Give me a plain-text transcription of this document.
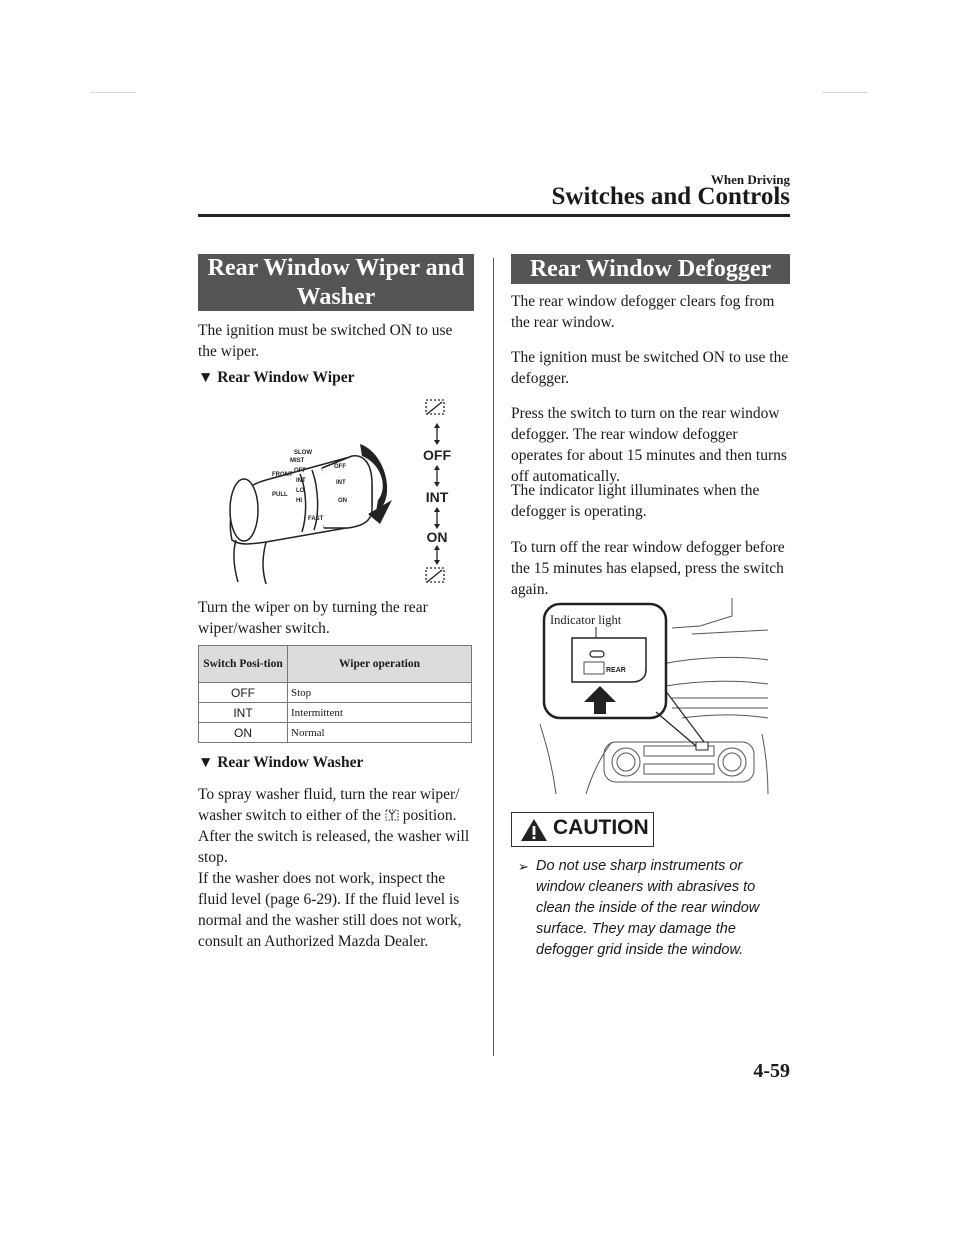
When Driving
Switches and Controls
Rear Window Wiper and
Washer
The ignition must be switched ON to use the wiper.
▼ Rear Window Wiper
FRONT
MIST
OFF
INT
LO
HI
PULL
SLOW
FAST
OFF
INT
ON
OFF
INT
ON
Turn the wiper on by turning the rear wiper/washer switch.
Switch Posi-tion	Wiper operation
OFF	Stop
INT	Intermittent
ON	Normal
▼ Rear Window Washer
To spray washer fluid, turn the rear wiper/ washer switch to either of the position.
After the switch is released, the washer will stop.
If the washer does not work, inspect the fluid level (page 6-29). If the fluid level is normal and the washer still does not work, consult an Authorized Mazda Dealer.
Rear Window Defogger
The rear window defogger clears fog from the rear window.
The ignition must be switched ON to use the defogger.
Press the switch to turn on the rear window defogger. The rear window defogger operates for about 15 minutes and then turns off automatically.
The indicator light illuminates when the defogger is operating.
To turn off the rear window defogger before the 15 minutes has elapsed, press the switch again.
Indicator light
REAR
CAUTION
➢ Do not use sharp instruments or window cleaners with abrasives to clean the inside of the rear window surface. They may damage the defogger grid inside the window.
4-59
